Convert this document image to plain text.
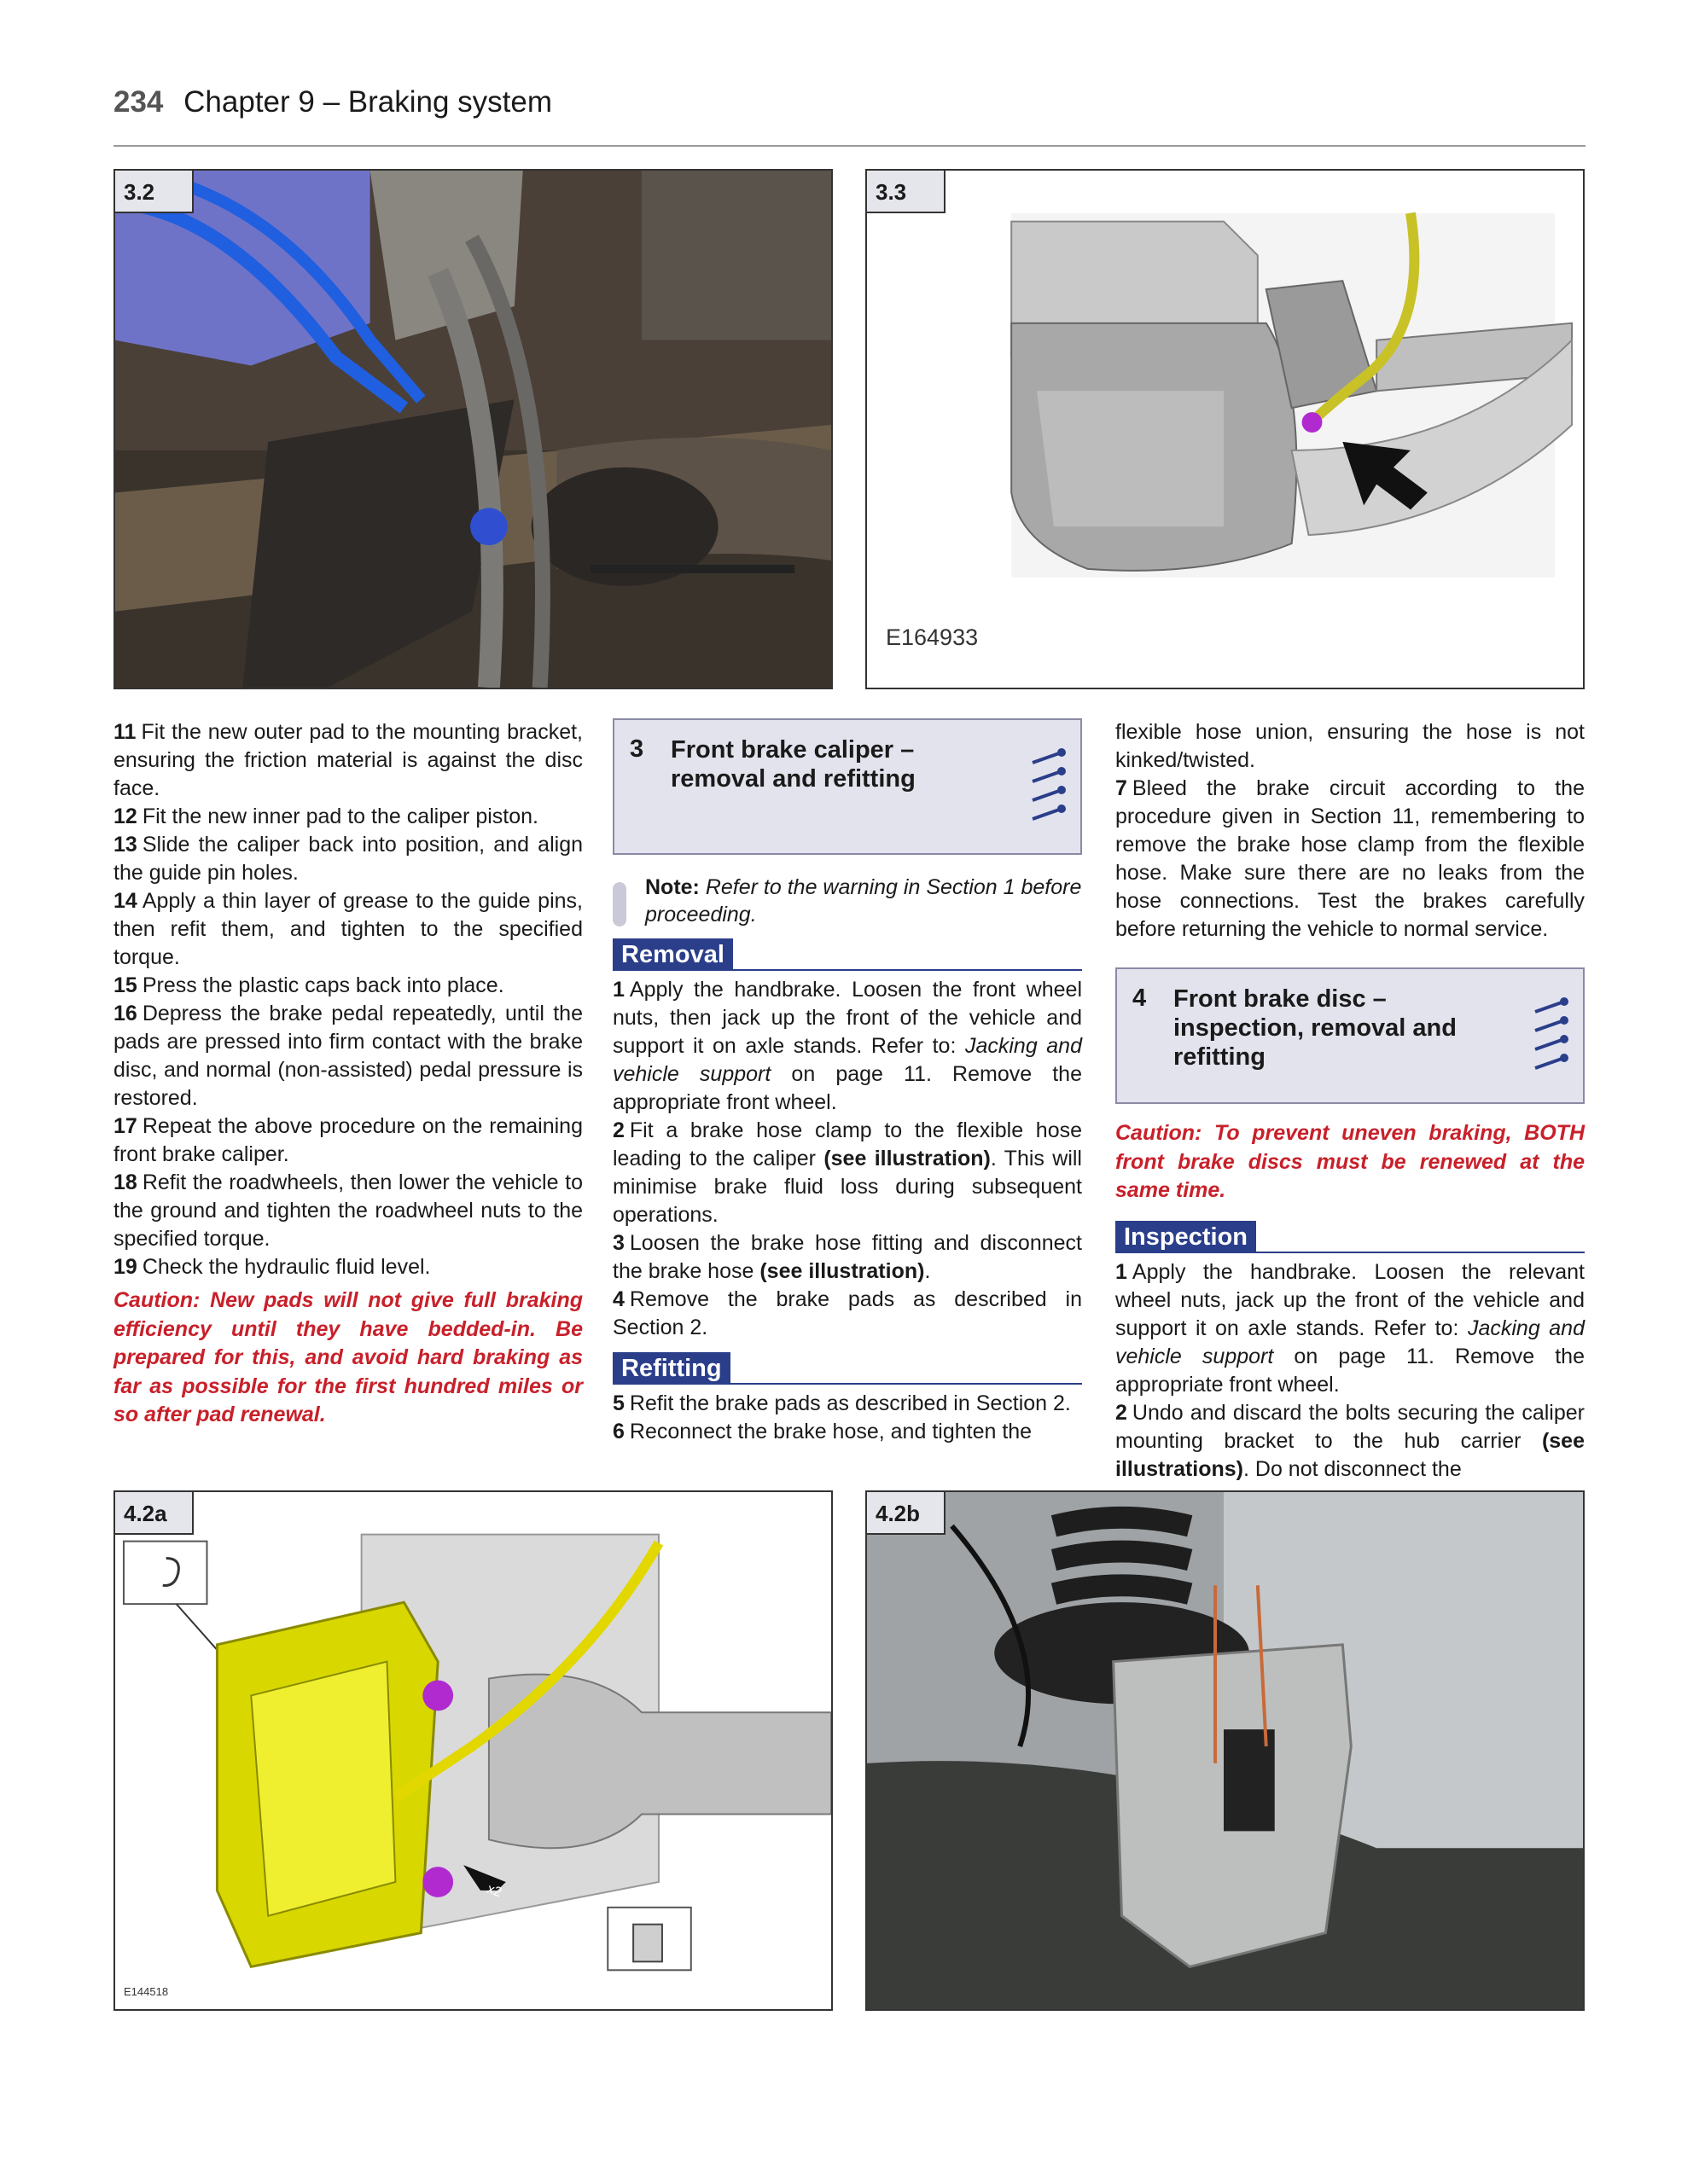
234 Chapter 9 – Braking system
3.2	3.3
E164933

11 Fit the new outer pad to the mounting bracket, ensuring the friction material is against the disc face.

12 Fit the new inner pad to the caliper piston.

13 Slide the caliper back into position, and align the guide pin holes.

14 Apply a thin layer of grease to the guide pins, then refit them, and tighten to the specified torque.

15 Press the plastic caps back into place.

16 Depress the brake pedal repeatedly, until the pads are pressed into firm contact with the brake disc, and normal (non-assisted) pedal pressure is restored.

17 Repeat the above procedure on the remaining front brake caliper.

18 Refit the roadwheels, then lower the vehicle to the ground and tighten the roadwheel nuts to the specified torque.

19 Check the hydraulic fluid level.

Caution: New pads will not give full braking efficiency until they have bedded-in. Be prepared for this, and avoid hard braking as far as possible for the first hundred miles or so after pad renewal.

3 Front brake caliper – removal and refitting
Note: Refer to the warning in Section 1 before proceeding.
Removal

1 Apply the handbrake. Loosen the front wheel nuts, then jack up the front of the vehicle and support it on axle stands. Refer to: Jacking and vehicle support on page 11. Remove the appropriate front wheel.

2 Fit a brake hose clamp to the flexible hose leading to the caliper (see illustration). This will minimise brake fluid loss during subsequent operations.

3 Loosen the brake hose fitting and disconnect the brake hose (see illustration).

4 Remove the brake pads as described in Section 2.

Refitting

5 Refit the brake pads as described in Section 2.

6 Reconnect the brake hose, and tighten the

flexible hose union, ensuring the hose is not kinked/twisted.

7 Bleed the brake circuit according to the procedure given in Section 11, remembering to remove the brake hose clamp from the flexible hose. Make sure there are no leaks from the hose connections. Test the brakes carefully before returning the vehicle to normal service.

4 Front brake disc – inspection, removal and refitting

Caution: To prevent uneven braking, BOTH front brake discs must be renewed at the same time.

Inspection

1 Apply the handbrake. Loosen the relevant wheel nuts, jack up the front of the vehicle and support it on axle stands. Refer to: Jacking and vehicle support on page 11. Remove the appropriate front wheel.

2 Undo and discard the bolts securing the caliper mounting bracket to the hub carrier (see illustrations). Do not disconnect the

4.2a
x2
E144518
4.2b
